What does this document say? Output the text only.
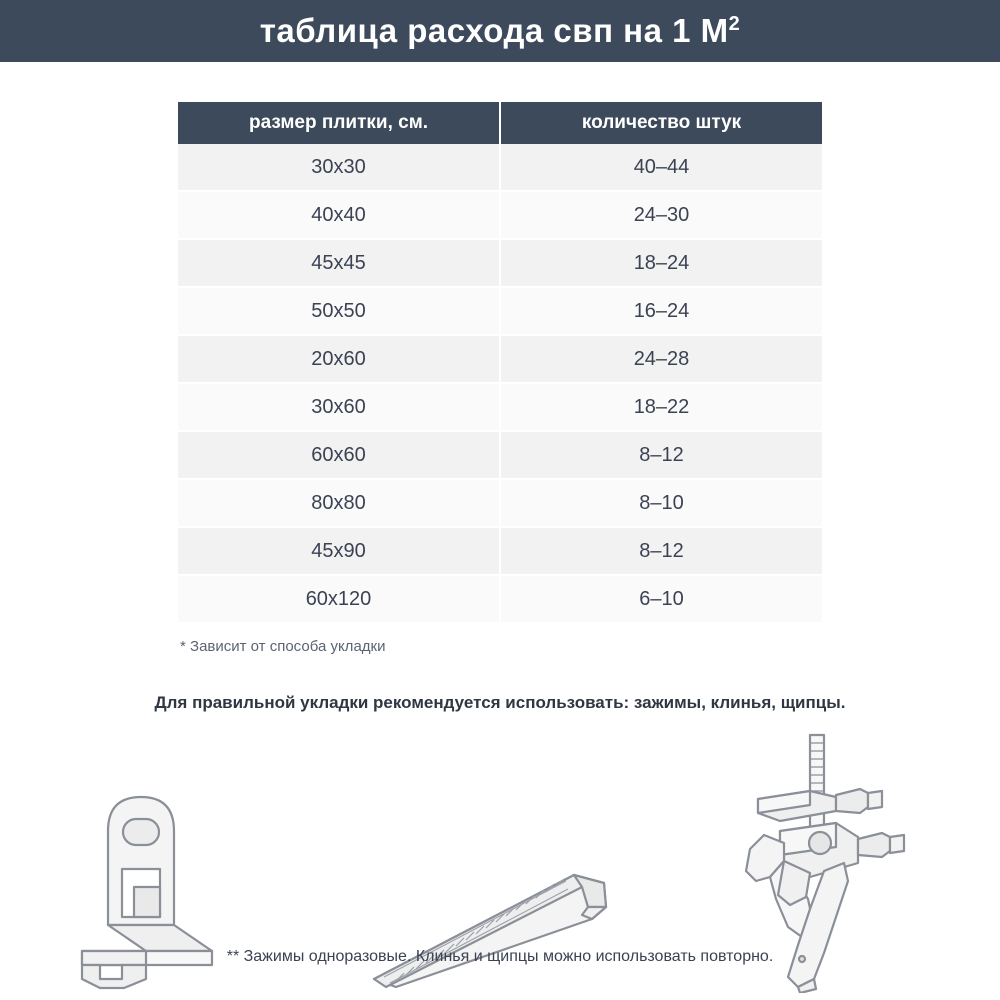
таблица расхода свп на 1 $М^2$
размер плитки, см.	количество штук
30х30	40–44
40х40	24–30
45х45	18–24
50х50	16–24
20х60	24–28
30х60	18–22
60х60	8–12
80х80	8–10
45х90	8–12
60х120	6–10
* Зависит от способа укладки
Для правильной укладки рекомендуется использовать: зажимы, клинья, щипцы.
** Зажимы одноразовые. Клинья и щипцы можно использовать повторно.
